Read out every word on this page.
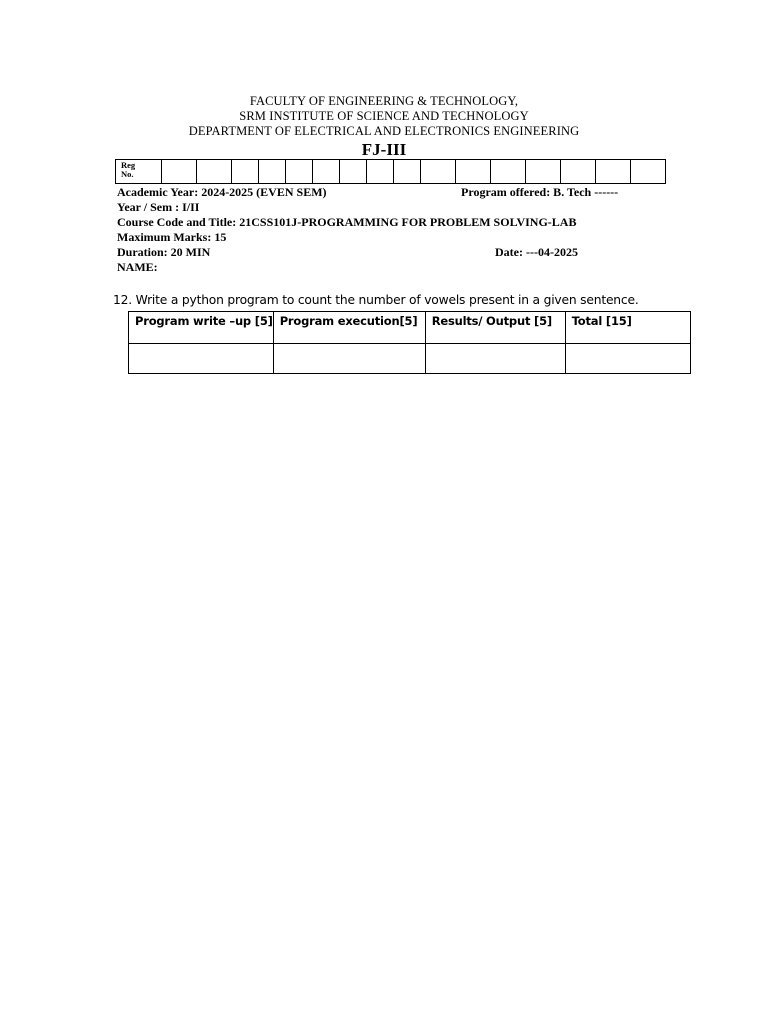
FACULTY OF ENGINEERING & TECHNOLOGY,
SRM INSTITUTE OF SCIENCE AND TECHNOLOGY
DEPARTMENT OF ELECTRICAL AND ELECTRONICS ENGINEERING
FJ-III
Reg
No.																
Academic Year: 2024-2025 (EVEN SEM)	Program offered: B. Tech ------
Year / Sem : I/II
Course Code and Title: 21CSS101J-PROGRAMMING FOR PROBLEM SOLVING-LAB
Maximum Marks: 15
Duration: 20 MIN	Date: ---04-2025
NAME:
12. Write a python program to count the number of vowels present in a given sentence.
Program write –up [5]	Program execution[5]	Results/ Output [5]	Total [15]
